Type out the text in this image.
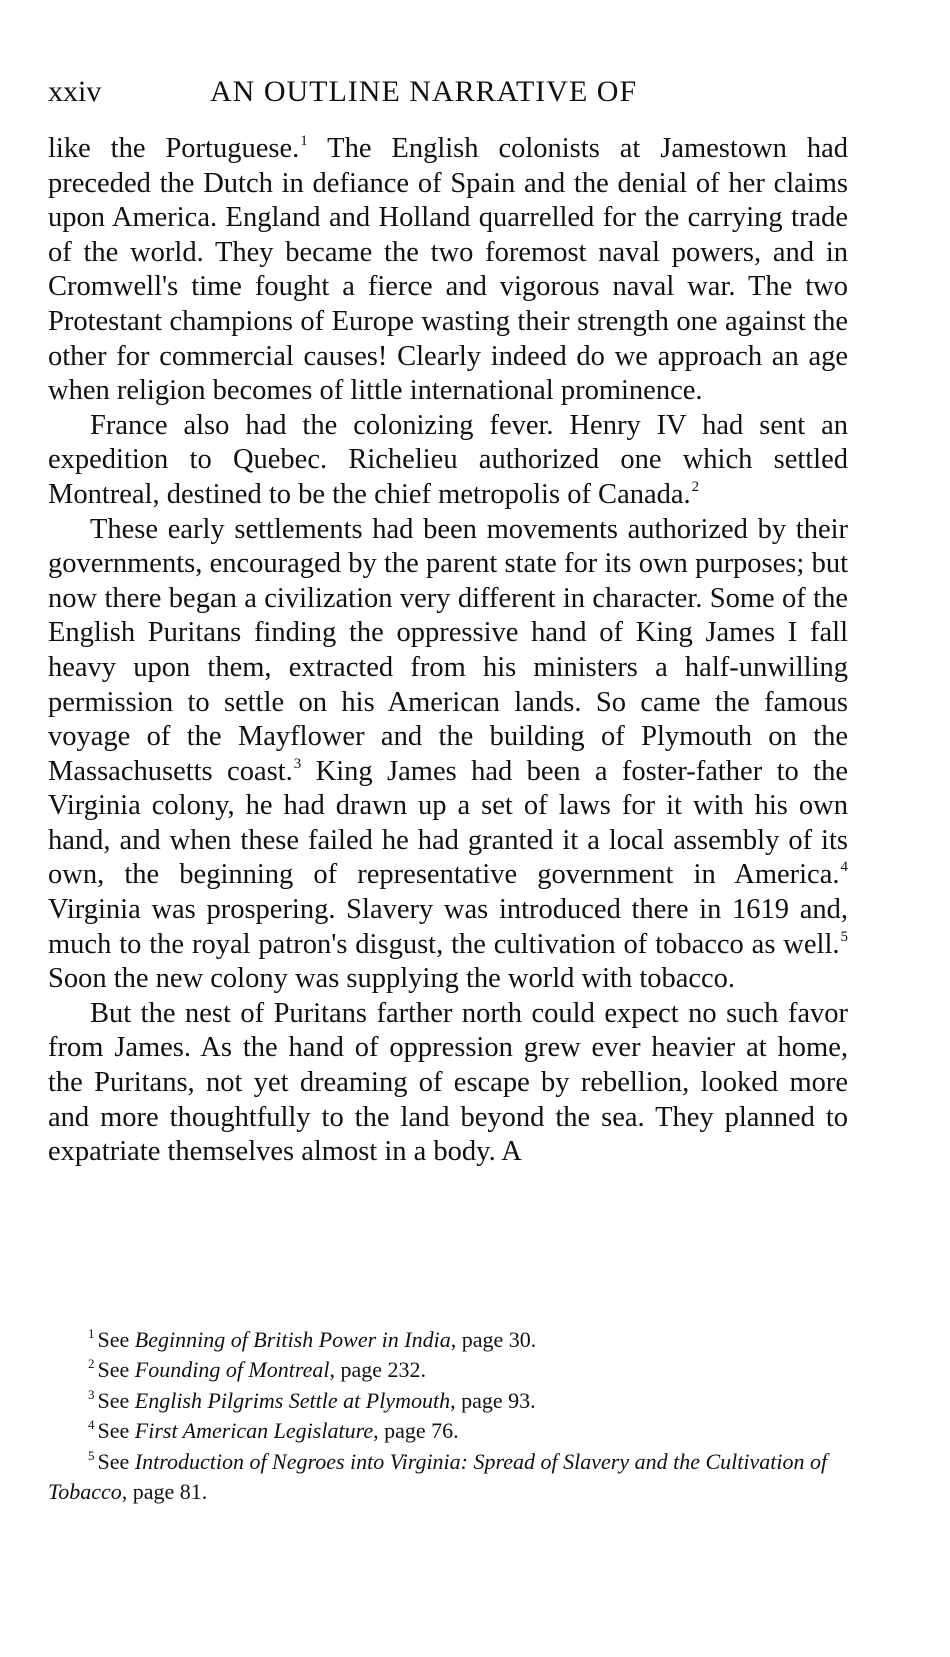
xxiv	AN OUTLINE NARRATIVE OF

like the Portuguese.$^1$ The English colonists at Jamestown had preceded the Dutch in defiance of Spain and the denial of her claims upon America. England and Holland quarrelled for the carrying trade of the world. They became the two foremost naval powers, and in Cromwell's time fought a fierce and vigorous naval war. The two Protestant champions of Europe wasting their strength one against the other for commercial causes! Clearly indeed do we approach an age when religion becomes of little international prominence.

France also had the colonizing fever. Henry IV had sent an expedition to Quebec. Richelieu authorized one which settled Montreal, destined to be the chief metropolis of Canada.$^2$

These early settlements had been movements authorized by their governments, encouraged by the parent state for its own purposes; but now there began a civilization very different in character. Some of the English Puritans finding the oppressive hand of King James I fall heavy upon them, extracted from his ministers a half-unwilling permission to settle on his American lands. So came the famous voyage of the Mayflower and the building of Plymouth on the Massachusetts coast.$^3$ King James had been a foster-father to the Virginia colony, he had drawn up a set of laws for it with his own hand, and when these failed he had granted it a local assembly of its own, the beginning of representative government in America.$^4$ Virginia was prospering. Slavery was introduced there in 1619 and, much to the royal patron's disgust, the cultivation of tobacco as well.$^5$ Soon the new colony was supplying the world with tobacco.

But the nest of Puritans farther north could expect no such favor from James. As the hand of oppression grew ever heavier at home, the Puritans, not yet dreaming of escape by rebellion, looked more and more thoughtfully to the land beyond the sea. They planned to expatriate themselves almost in a body. A

$^1$ See Beginning of British Power in India, page 30.

$^2$ See Founding of Montreal, page 232.

$^3$ See English Pilgrims Settle at Plymouth, page 93.

$^4$ See First American Legislature, page 76.

$^5$ See Introduction of Negroes into Virginia: Spread of Slavery and the Cultivation of Tobacco, page 81.
